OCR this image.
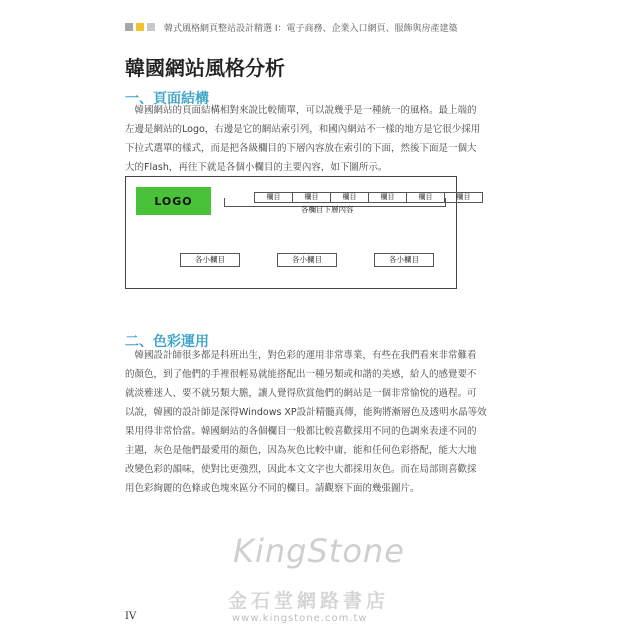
韓式風格網頁整站設計精選 I：電子商務、企業入口網頁、服飾與房產建築
韓國網站風格分析
一、頁面結構
　韓國網站的頁面結構相對來說比較簡單，可以說幾乎是一種統一的風格。最上端的
左邊是網站的Logo，右邊是它的網站索引列，和國內網站不一樣的地方是它很少採用
下拉式選單的樣式，而是把各級欄目的下層內容放在索引的下面，然後下面是一個大
大的Flash，再往下就是各個小欄目的主要內容，如下圖所示。
LOGO	欄目	欄目	欄目	欄目	欄目	欄目
各欄目下層內容
各小欄目	各小欄目	各小欄目
二、色彩運用
　韓國設計師很多都是科班出生，對色彩的運用非常專業，有些在我們看來非常難看
的顏色，到了他們的手裡很輕易就能搭配出一種另類或和諧的美感，給人的感覺要不
就淡雅迷人、要不就另類大膽，讓人覺得欣賞他們的網站是一個非常愉悅的過程。可
以說，韓國的設計師是深得Windows XP設計精髓真傳，能夠將漸層色及透明水晶等效
果用得非常恰當。韓國網站的各個欄目一般都比較喜歡採用不同的色調來表達不同的
主題，灰色是他們最愛用的顏色，因為灰色比較中庸，能和任何色彩搭配，能大大地
改變色彩的韻味，使對比更強烈，因此本文文字也大都採用灰色。而在局部則喜歡採
用色彩絢麗的色條或色塊來區分不同的欄目。請觀察下面的幾張圖片。
KingStone
金石堂網路書店
www.kingstone.com.tw
IV
